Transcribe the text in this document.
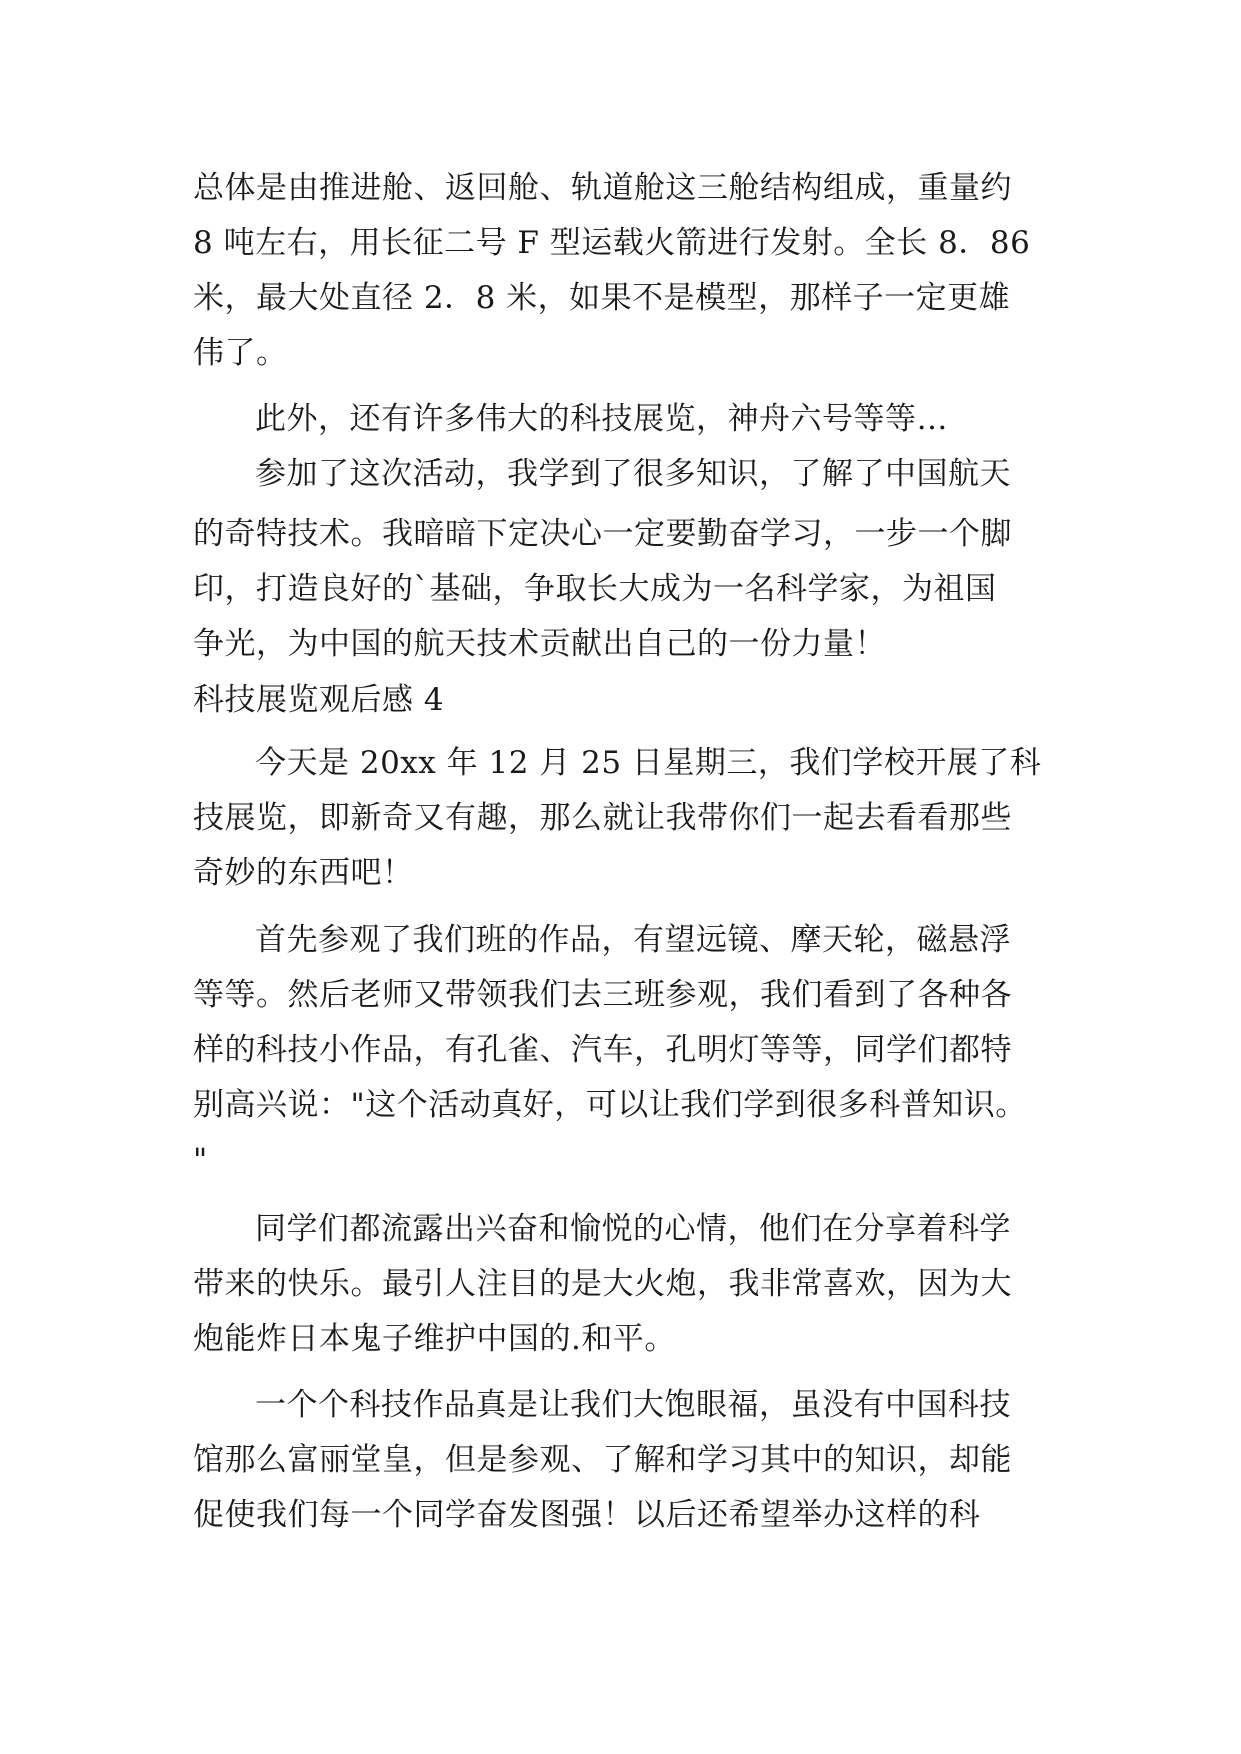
总体是由推进舱、返回舱、轨道舱这三舱结构组成，重量约
8 吨左右，用长征二号 F 型运载火箭进行发射。全长 8．86
米，最大处直径 2．8 米，如果不是模型，那样子一定更雄
伟了。
此外，还有许多伟大的科技展览，神舟六号等等…
参加了这次活动，我学到了很多知识，了解了中国航天
的奇特技术。我暗暗下定决心一定要勤奋学习，一步一个脚
印，打造良好的`基础，争取长大成为一名科学家，为祖国
争光，为中国的航天技术贡献出自己的一份力量！
科技展览观后感 4
今天是 20xx 年 12 月 25 日星期三，我们学校开展了科
技展览，即新奇又有趣，那么就让我带你们一起去看看那些
奇妙的东西吧！
首先参观了我们班的作品，有望远镜、摩天轮，磁悬浮
等等。然后老师又带领我们去三班参观，我们看到了各种各
样的科技小作品，有孔雀、汽车，孔明灯等等，同学们都特
别高兴说："这个活动真好，可以让我们学到很多科普知识。
"
同学们都流露出兴奋和愉悦的心情，他们在分享着科学
带来的快乐。最引人注目的是大火炮，我非常喜欢，因为大
炮能炸日本鬼子维护中国的.和平。
一个个科技作品真是让我们大饱眼福，虽没有中国科技
馆那么富丽堂皇，但是参观、了解和学习其中的知识，却能
促使我们每一个同学奋发图强！以后还希望举办这样的科
